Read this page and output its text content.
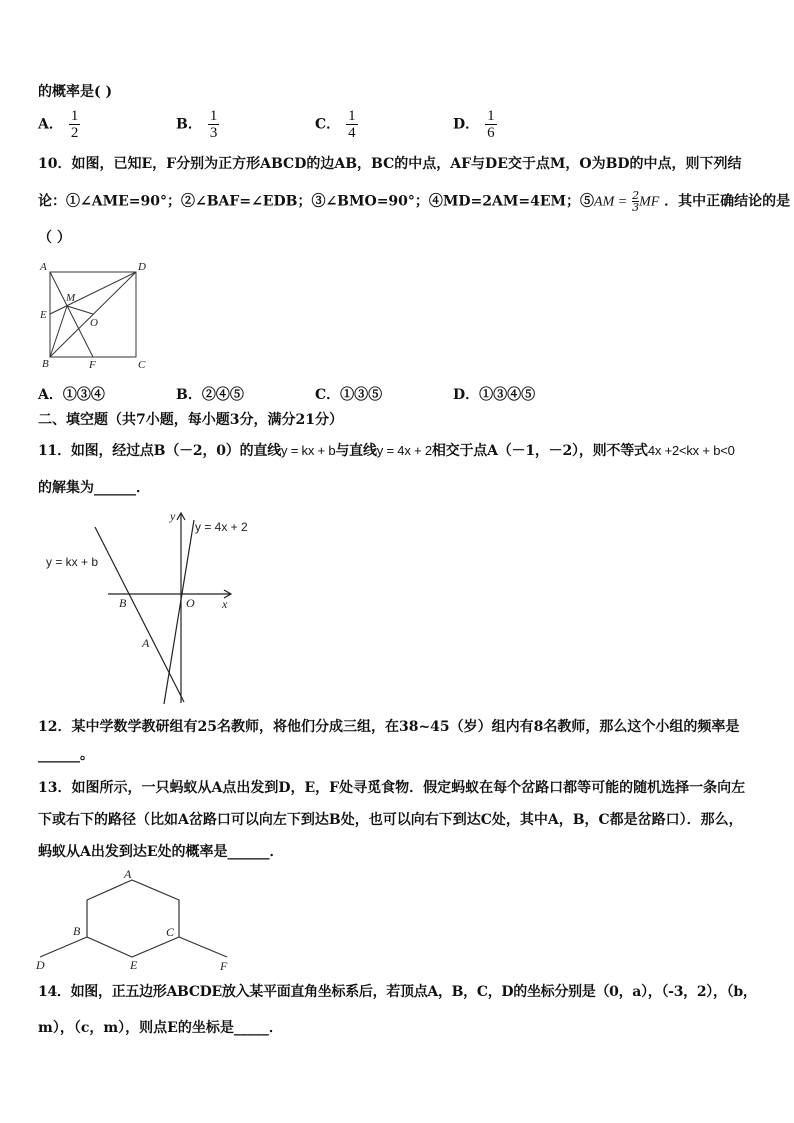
的概率是( )
A． $\frac{1}{2}$	B． $\frac{1}{3}$	C． $\frac{1}{4}$	D． $\frac{1}{6}$
10．如图，已知E，F分别为正方形ABCD的边AB，BC的中点，AF与DE交于点M，O为BD的中点，则下列结
论：①∠AME=90°；②∠BAF=∠EDB；③∠BMO=90°；④MD=2AM=4EM；⑤AM = $\frac{2}{3}$ MF ．其中正确结论的是
（ ）
A	D
M
E
O
B	F	C
A．①③④	B．②④⑤	C．①③⑤	D．①③④⑤
二、填空题（共7小题，每小题3分，满分21分）
11．如图，经过点B（－2，0）的直线y = kx + b与直线y = 4x + 2相交于点A（－1，－2），则不等式4x +2<kx + b<0
的解集为______．
y
y = 4x + 2
y = kx + b
B	O x
A
12．某中学数学教研组有25名教师，将他们分成三组，在38~45（岁）组内有8名教师，那么这个小组的频率是
______。
13．如图所示，一只蚂蚁从A点出发到D，E，F处寻觅食物．假定蚂蚁在每个岔路口都等可能的随机选择一条向左
下或右下的路径（比如A岔路口可以向左下到达B处，也可以向右下到达C处，其中A，B，C都是岔路口）．那么，
蚂蚁从A出发到达E处的概率是______．
A
B	C
D	E	F
14．如图，正五边形ABCDE放入某平面直角坐标系后，若顶点A，B，C，D的坐标分别是（0，a），（-3，2），（b，
m），（c，m），则点E的坐标是_____．
